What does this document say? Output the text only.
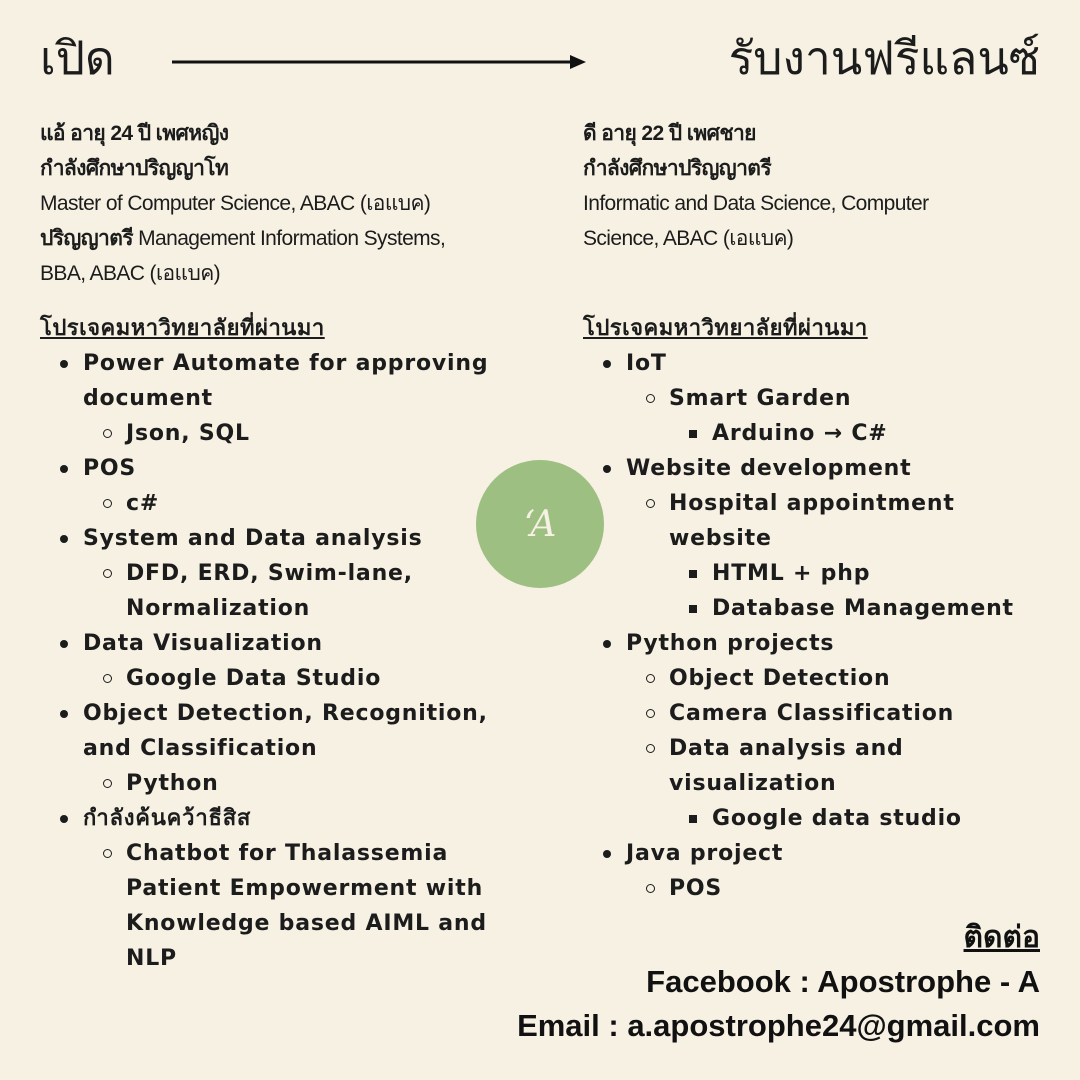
เปิด	รับงานฟรีแลนซ์

แอ้ อายุ 24 ปี เพศหญิง

กำลังศึกษาปริญญาโท

Master of Computer Science, ABAC (เอแบค)

ปริญญาตรี Management Information Systems,

BBA, ABAC (เอแบค)

โปรเจคมหาวิทยาลัยที่ผ่านมา
Power Automate for approving document
Json, SQL
POS
c#
System and Data analysis
DFD, ERD, Swim-lane, Normalization
Data Visualization
Google Data Studio
Object Detection, Recognition, and Classification
Python
กำลังค้นคว้าธีสิส
Chatbot for Thalassemia Patient Empowerment with Knowledge based AIML and NLP

ดี อายุ 22 ปี เพศชาย

กำลังศึกษาปริญญาตรี

Informatic and Data Science, Computer

Science, ABAC (เอแบค)

โปรเจคมหาวิทยาลัยที่ผ่านมา
IoT
Smart Garden
Arduino → C#
Website development
Hospital appointment website
HTML + php
Database Management
Python projects
Object Detection
Camera Classification
Data analysis and visualization
Google data studio
Java project
POS
‘A
ติดต่อ
Facebook : Apostrophe - A
Email : a.apostrophe24@gmail.com
